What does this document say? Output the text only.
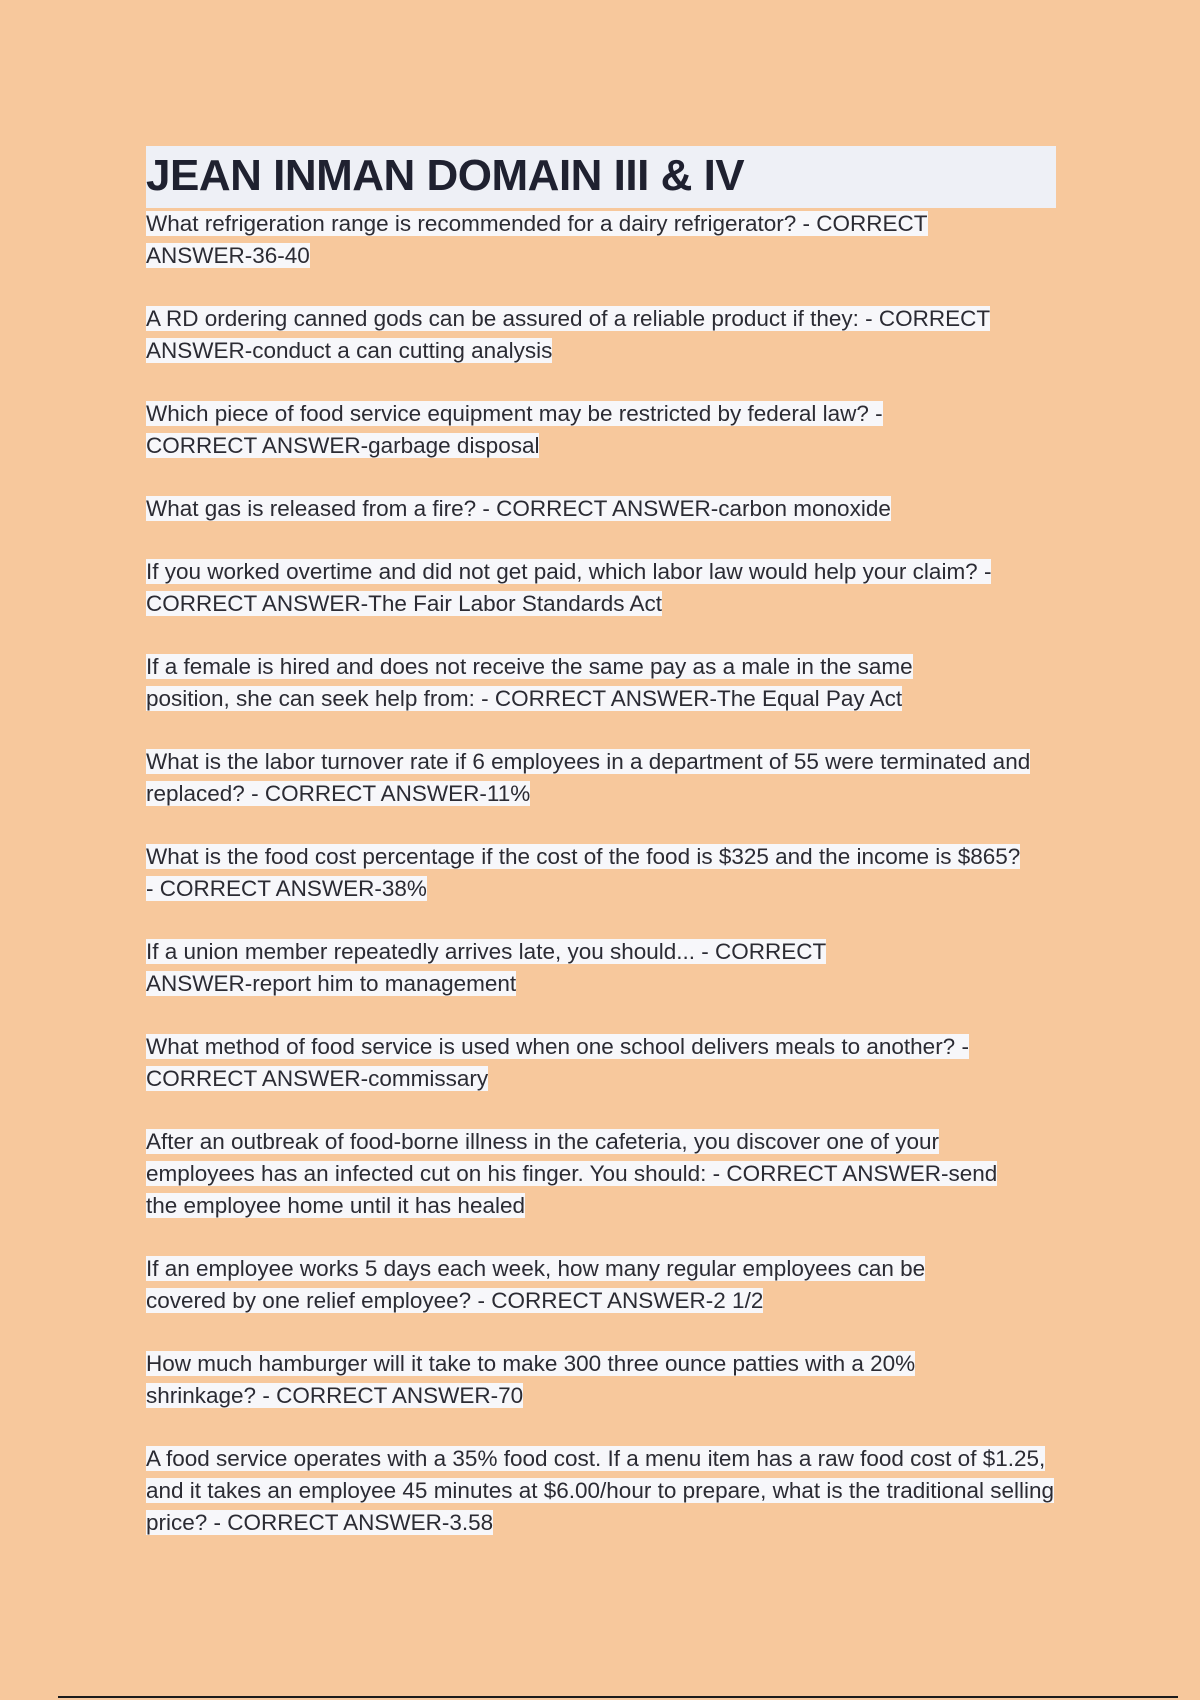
JEAN INMAN DOMAIN III & IV
What refrigeration range is recommended for a dairy refrigerator? - CORRECT ANSWER-36-40
A RD ordering canned gods can be assured of a reliable product if they: - CORRECT ANSWER-conduct a can cutting analysis
Which piece of food service equipment may be restricted by federal law? - CORRECT ANSWER-garbage disposal
What gas is released from a fire? - CORRECT ANSWER-carbon monoxide
If you worked overtime and did not get paid, which labor law would help your claim? - CORRECT ANSWER-The Fair Labor Standards Act
If a female is hired and does not receive the same pay as a male in the same position, she can seek help from: - CORRECT ANSWER-The Equal Pay Act
What is the labor turnover rate if 6 employees in a department of 55 were terminated and replaced? - CORRECT ANSWER-11%
What is the food cost percentage if the cost of the food is $325 and the income is $865? - CORRECT ANSWER-38%
If a union member repeatedly arrives late, you should... - CORRECT ANSWER-report him to management
What method of food service is used when one school delivers meals to another? - CORRECT ANSWER-commissary
After an outbreak of food-borne illness in the cafeteria, you discover one of your employees has an infected cut on his finger. You should: - CORRECT ANSWER-send the employee home until it has healed
If an employee works 5 days each week, how many regular employees can be covered by one relief employee? - CORRECT ANSWER-2 1/2
How much hamburger will it take to make 300 three ounce patties with a 20% shrinkage? - CORRECT ANSWER-70
A food service operates with a 35% food cost. If a menu item has a raw food cost of $1.25, and it takes an employee 45 minutes at $6.00/hour to prepare, what is the traditional selling price? - CORRECT ANSWER-3.58
